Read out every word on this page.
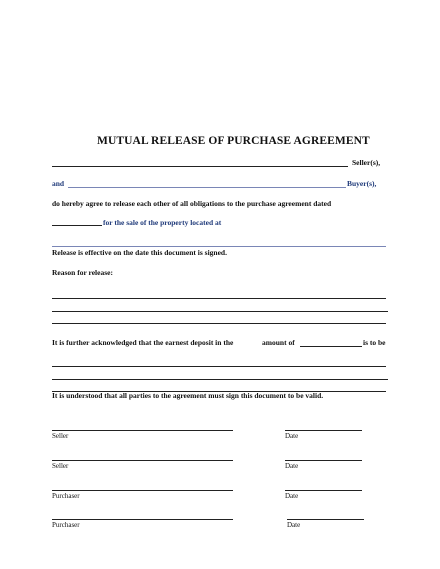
MUTUAL RELEASE OF PURCHASE AGREEMENT
Seller(s),
and	Buyer(s),
do hereby agree to release each other of all obligations to the purchase agreement dated
for the sale of the property located at
Release is effective on the date this document is signed.
Reason for release:
It is further acknowledged that the earnest deposit in the	amount of	is to be
It is understood that all parties to the agreement must sign this document to be valid.
Seller	Date
Seller	Date
Purchaser	Date
Purchaser	Date
